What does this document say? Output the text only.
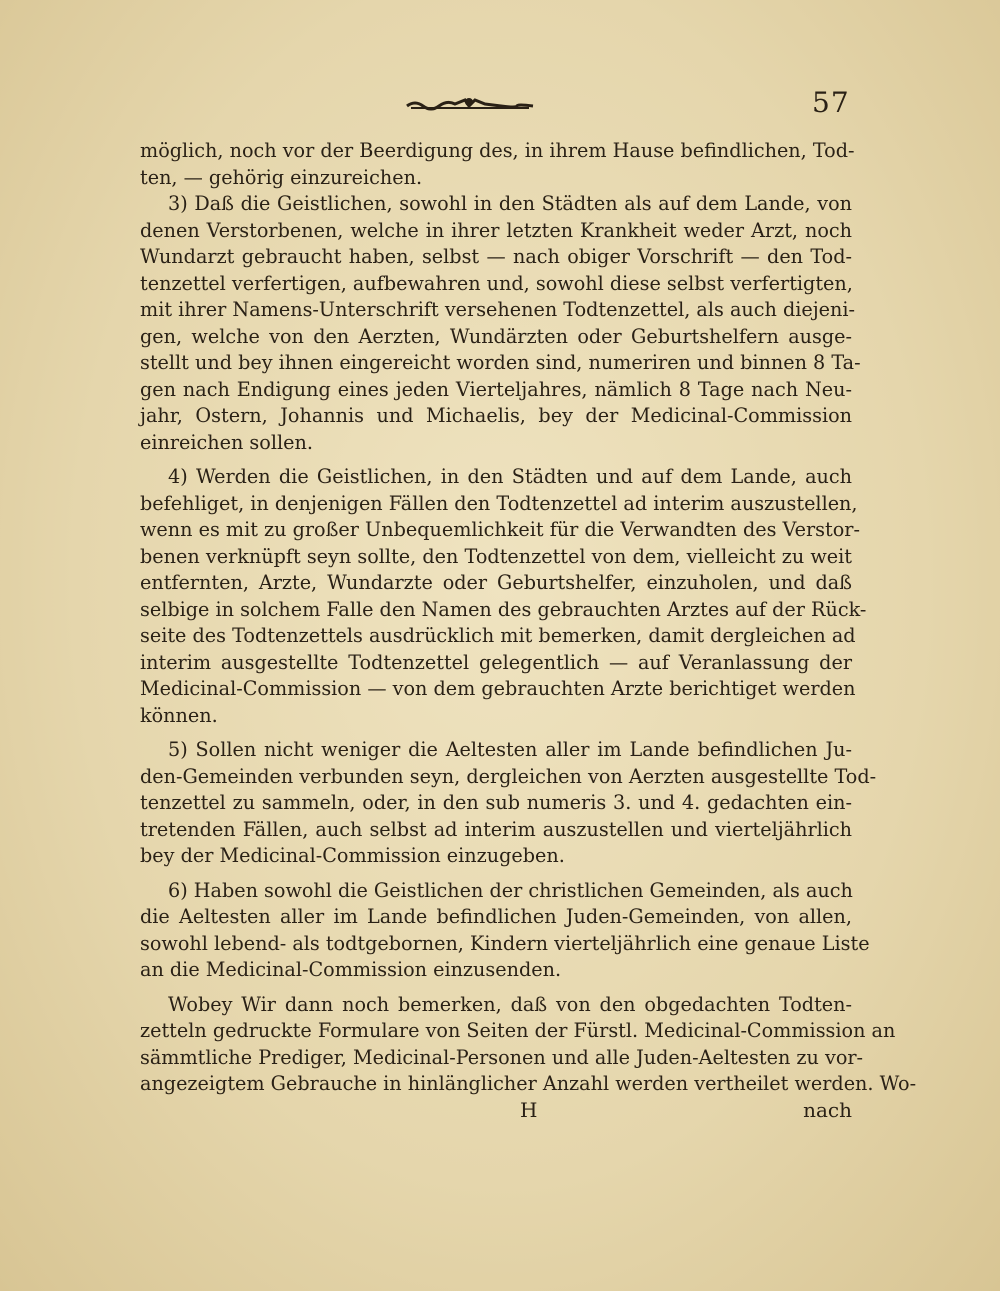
57
möglich, noch vor der Beerdigung des, in ihrem Hause befindlichen, Tod-
ten, — gehörig einzureichen.
3) Daß die Geistlichen, sowohl in den Städten als auf dem Lande, von
denen Verstorbenen, welche in ihrer letzten Krankheit weder Arzt, noch
Wundarzt gebraucht haben, selbst — nach obiger Vorschrift — den Tod-
tenzettel verfertigen, aufbewahren und, sowohl diese selbst verfertigten,
mit ihrer Namens-Unterschrift versehenen Todtenzettel, als auch diejeni-
gen, welche von den Aerzten, Wundärzten oder Geburtshelfern ausge-
stellt und bey ihnen eingereicht worden sind, numeriren und binnen 8 Ta-
gen nach Endigung eines jeden Vierteljahres, nämlich 8 Tage nach Neu-
jahr, Ostern, Johannis und Michaelis, bey der Medicinal-Commission
einreichen sollen.
4) Werden die Geistlichen, in den Städten und auf dem Lande, auch
befehliget, in denjenigen Fällen den Todtenzettel ad interim auszustellen,
wenn es mit zu großer Unbequemlichkeit für die Verwandten des Verstor-
benen verknüpft seyn sollte, den Todtenzettel von dem, vielleicht zu weit
entfernten, Arzte, Wundarzte oder Geburtshelfer, einzuholen, und daß
selbige in solchem Falle den Namen des gebrauchten Arztes auf der Rück-
seite des Todtenzettels ausdrücklich mit bemerken, damit dergleichen ad
interim ausgestellte Todtenzettel gelegentlich — auf Veranlassung der
Medicinal-Commission — von dem gebrauchten Arzte berichtiget werden
können.
5) Sollen nicht weniger die Aeltesten aller im Lande befindlichen Ju-
den-Gemeinden verbunden seyn, dergleichen von Aerzten ausgestellte Tod-
tenzettel zu sammeln, oder, in den sub numeris 3. und 4. gedachten ein-
tretenden Fällen, auch selbst ad interim auszustellen und vierteljährlich
bey der Medicinal-Commission einzugeben.
6) Haben sowohl die Geistlichen der christlichen Gemeinden, als auch
die Aeltesten aller im Lande befindlichen Juden-Gemeinden, von allen,
sowohl lebend- als todtgebornen, Kindern vierteljährlich eine genaue Liste
an die Medicinal-Commission einzusenden.
Wobey Wir dann noch bemerken, daß von den obgedachten Todten-
zetteln gedruckte Formulare von Seiten der Fürstl. Medicinal-Commission an
sämmtliche Prediger, Medicinal-Personen und alle Juden-Aeltesten zu vor-
angezeigtem Gebrauche in hinlänglicher Anzahl werden vertheilet werden. Wo-
H	nach
